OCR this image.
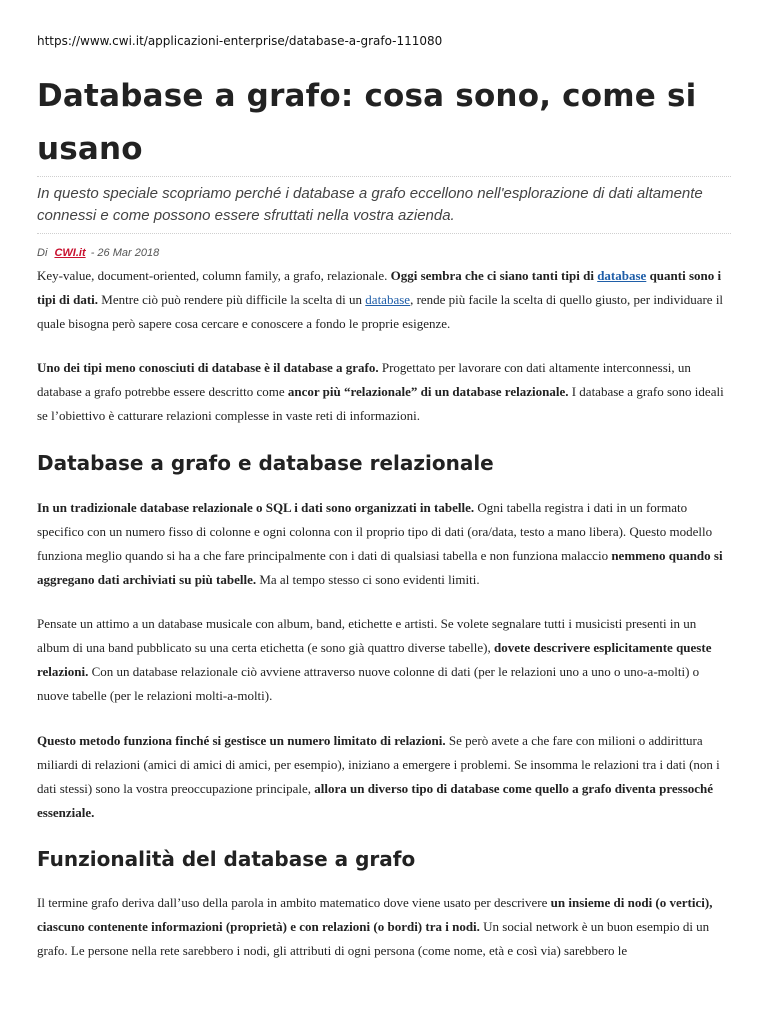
https://www.cwi.it/applicazioni-enterprise/database-a-grafo-111080
Database a grafo: cosa sono, come si usano

In questo speciale scopriamo perché i database a grafo eccellono nell'esplorazione di dati altamente connessi e come possono essere sfruttati nella vostra azienda.

Di CWI.it - 26 Mar 2018

Key-value, document-oriented, column family, a grafo, relazionale. Oggi sembra che ci siano tanti tipi di database quanti sono i tipi di dati. Mentre ciò può rendere più difficile la scelta di un database, rende più facile la scelta di quello giusto, per individuare il quale bisogna però sapere cosa cercare e conoscere a fondo le proprie esigenze.

Uno dei tipi meno conosciuti di database è il database a grafo. Progettato per lavorare con dati altamente interconnessi, un database a grafo potrebbe essere descritto come ancor più “relazionale” di un database relazionale. I database a grafo sono ideali se l’obiettivo è catturare relazioni complesse in vaste reti di informazioni.

Database a grafo e database relazionale

In un tradizionale database relazionale o SQL i dati sono organizzati in tabelle. Ogni tabella registra i dati in un formato specifico con un numero fisso di colonne e ogni colonna con il proprio tipo di dati (ora/data, testo a mano libera). Questo modello funziona meglio quando si ha a che fare principalmente con i dati di qualsiasi tabella e non funziona malaccio nemmeno quando si aggregano dati archiviati su più tabelle. Ma al tempo stesso ci sono evidenti limiti.

Pensate un attimo a un database musicale con album, band, etichette e artisti. Se volete segnalare tutti i musicisti presenti in un album di una band pubblicato su una certa etichetta (e sono già quattro diverse tabelle), dovete descrivere esplicitamente queste relazioni. Con un database relazionale ciò avviene attraverso nuove colonne di dati (per le relazioni uno a uno o uno-a-molti) o nuove tabelle (per le relazioni molti-a-molti).

Questo metodo funziona finché si gestisce un numero limitato di relazioni. Se però avete a che fare con milioni o addirittura miliardi di relazioni (amici di amici di amici, per esempio), iniziano a emergere i problemi. Se insomma le relazioni tra i dati (non i dati stessi) sono la vostra preoccupazione principale, allora un diverso tipo di database come quello a grafo diventa pressoché essenziale.

Funzionalità del database a grafo

Il termine grafo deriva dall’uso della parola in ambito matematico dove viene usato per descrivere un insieme di nodi (o vertici), ciascuno contenente informazioni (proprietà) e con relazioni (o bordi) tra i nodi. Un social network è un buon esempio di un grafo. Le persone nella rete sarebbero i nodi, gli attributi di ogni persona (come nome, età e così via) sarebbero le
